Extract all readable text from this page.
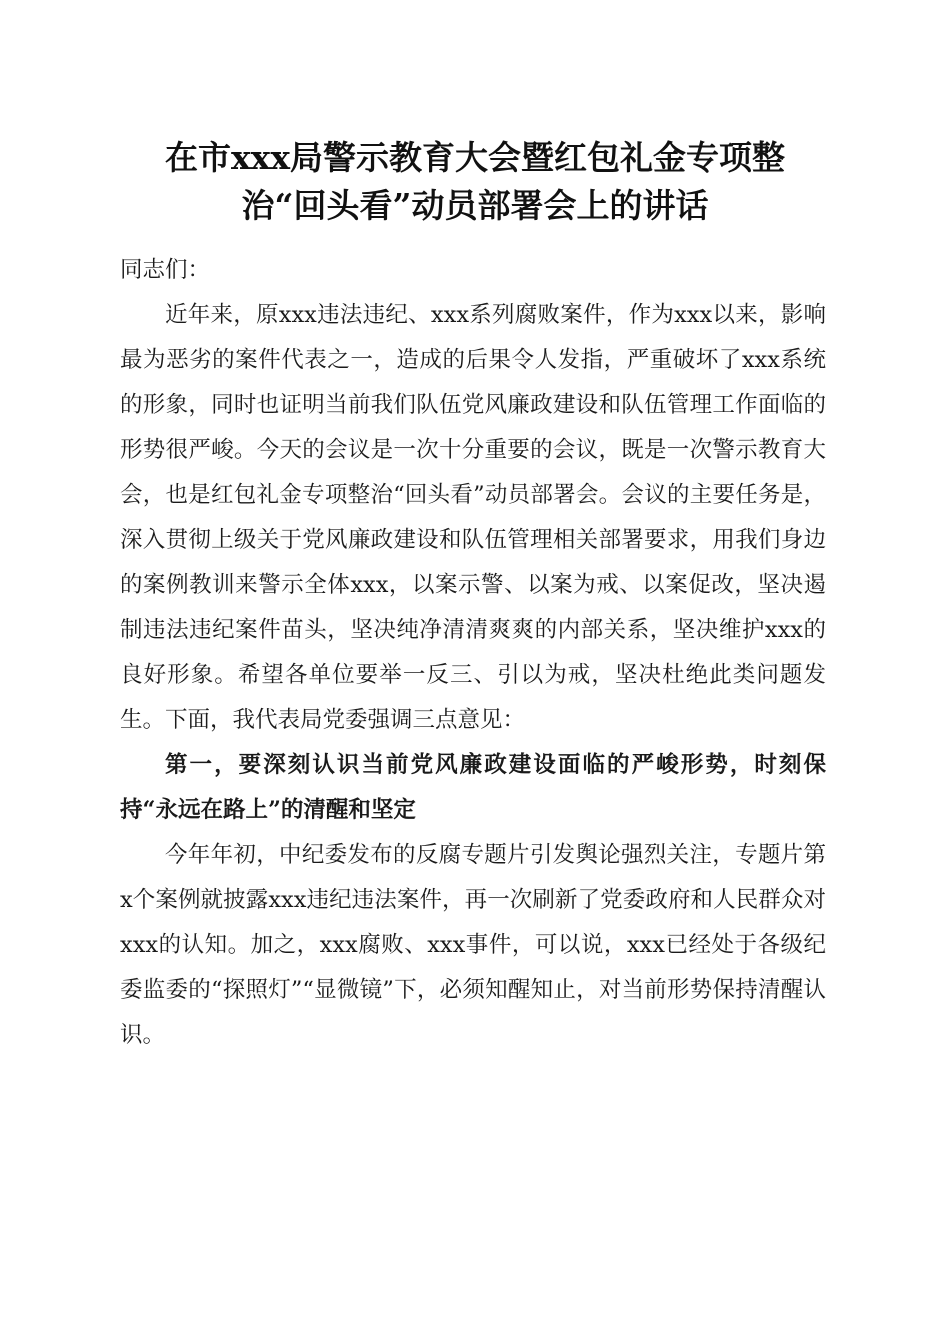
在市xxx局警示教育大会暨红包礼金专项整
治“回头看”动员部署会上的讲话

同志们：

近年来，原xxx违法违纪、xxx系列腐败案件，作为xxx以来，影响最为恶劣的案件代表之一，造成的后果令人发指，严重破坏了xxx系统的形象，同时也证明当前我们队伍党风廉政建设和队伍管理工作面临的形势很严峻。今天的会议是一次十分重要的会议，既是一次警示教育大会，也是红包礼金专项整治“回头看”动员部署会。会议的主要任务是，深入贯彻上级关于党风廉政建设和队伍管理相关部署要求，用我们身边的案例教训来警示全体xxx，以案示警、以案为戒、以案促改，坚决遏制违法违纪案件苗头，坚决纯净清清爽爽的内部关系，坚决维护xxx的良好形象。希望各单位要举一反三、引以为戒，坚决杜绝此类问题发生。下面，我代表局党委强调三点意见：

第一，要深刻认识当前党风廉政建设面临的严峻形势，时刻保持“永远在路上”的清醒和坚定

今年年初，中纪委发布的反腐专题片引发舆论强烈关注，专题片第x个案例就披露xxx违纪违法案件，再一次刷新了党委政府和人民群众对xxx的认知。加之，xxx腐败、xxx事件，可以说，xxx已经处于各级纪委监委的“探照灯”“显微镜”下，必须知醒知止，对当前形势保持清醒认识。
